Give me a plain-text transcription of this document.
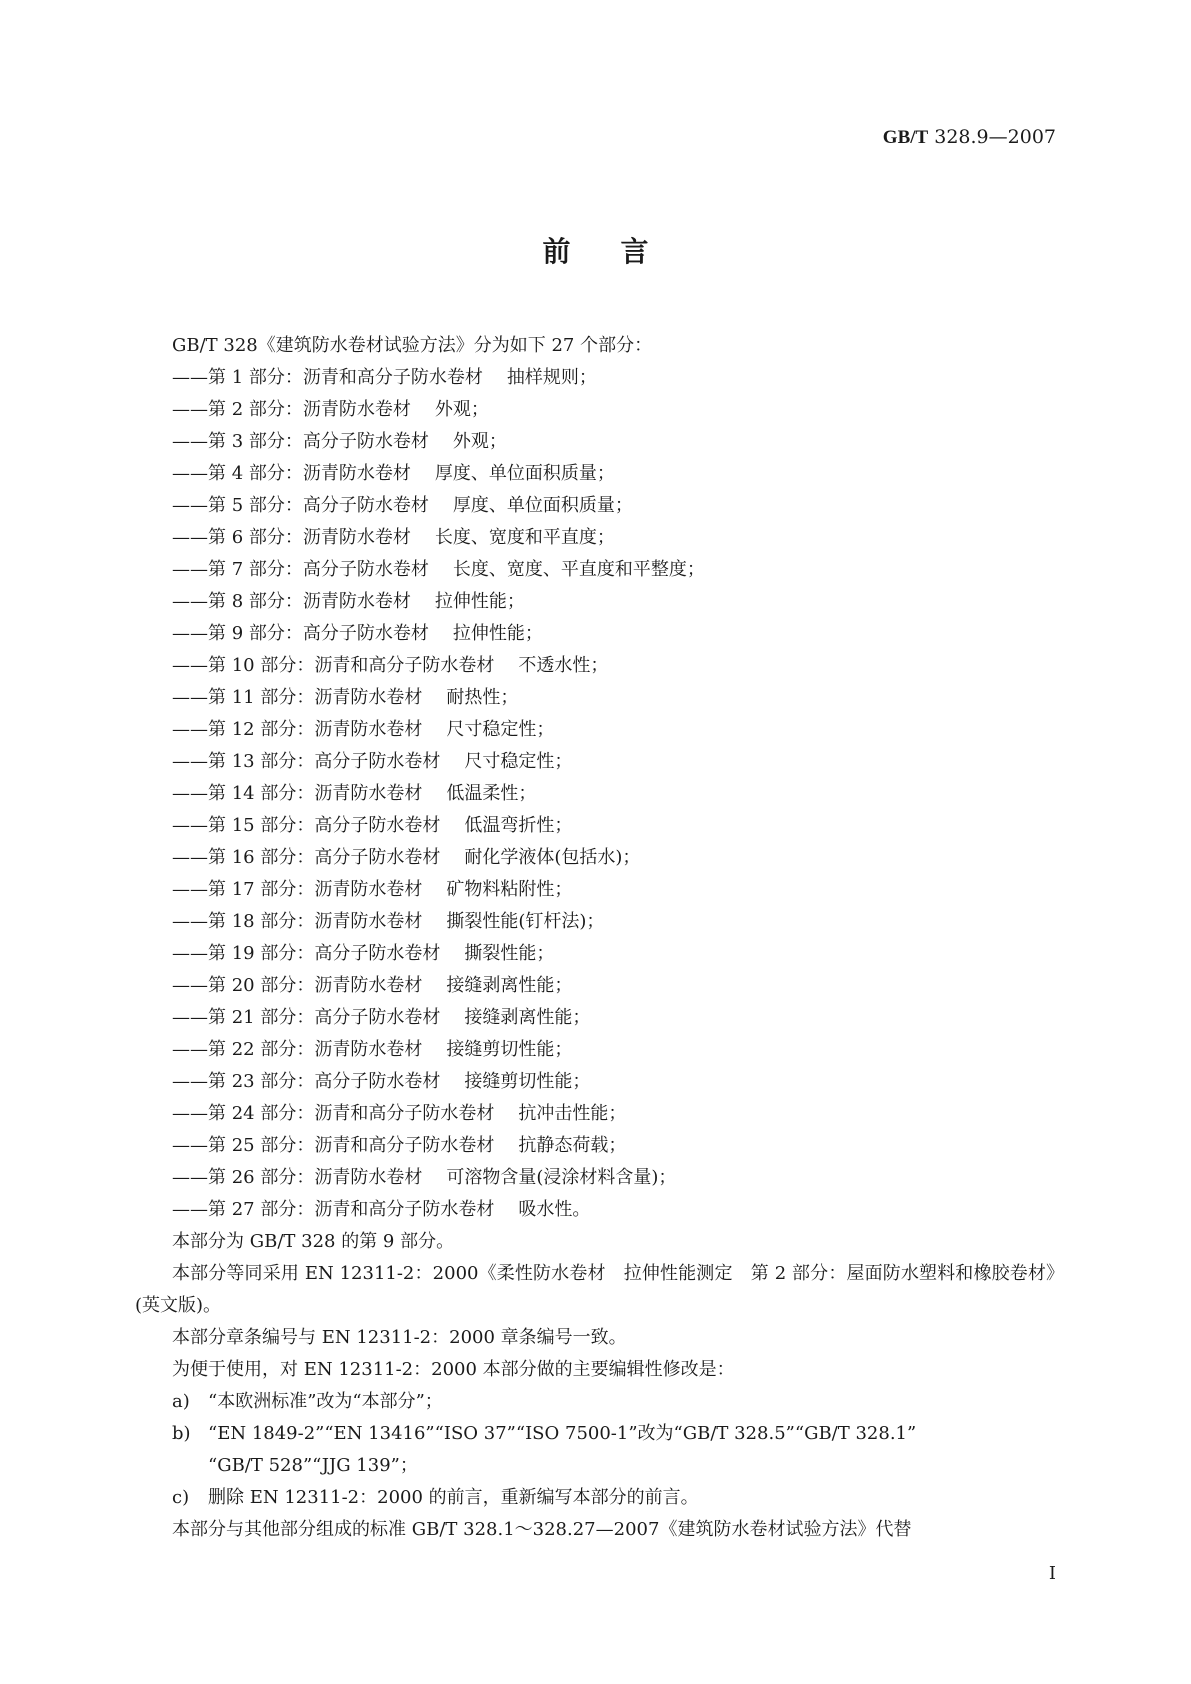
GB/T 328.9—2007
前言
GB/T 328《建筑防水卷材试验方法》分为如下 27 个部分：
——第 1 部分：沥青和高分子防水卷材 抽样规则；
——第 2 部分：沥青防水卷材 外观；
——第 3 部分：高分子防水卷材 外观；
——第 4 部分：沥青防水卷材 厚度、单位面积质量；
——第 5 部分：高分子防水卷材 厚度、单位面积质量；
——第 6 部分：沥青防水卷材 长度、宽度和平直度；
——第 7 部分：高分子防水卷材 长度、宽度、平直度和平整度；
——第 8 部分：沥青防水卷材 拉伸性能；
——第 9 部分：高分子防水卷材 拉伸性能；
——第 10 部分：沥青和高分子防水卷材 不透水性；
——第 11 部分：沥青防水卷材 耐热性；
——第 12 部分：沥青防水卷材 尺寸稳定性；
——第 13 部分：高分子防水卷材 尺寸稳定性；
——第 14 部分：沥青防水卷材 低温柔性；
——第 15 部分：高分子防水卷材 低温弯折性；
——第 16 部分：高分子防水卷材 耐化学液体(包括水)；
——第 17 部分：沥青防水卷材 矿物料粘附性；
——第 18 部分：沥青防水卷材 撕裂性能(钉杆法)；
——第 19 部分：高分子防水卷材 撕裂性能；
——第 20 部分：沥青防水卷材 接缝剥离性能；
——第 21 部分：高分子防水卷材 接缝剥离性能；
——第 22 部分：沥青防水卷材 接缝剪切性能；
——第 23 部分：高分子防水卷材 接缝剪切性能；
——第 24 部分：沥青和高分子防水卷材 抗冲击性能；
——第 25 部分：沥青和高分子防水卷材 抗静态荷载；
——第 26 部分：沥青防水卷材 可溶物含量(浸涂材料含量)；
——第 27 部分：沥青和高分子防水卷材 吸水性。
本部分为 GB/T 328 的第 9 部分。
本部分等同采用 EN 12311-2：2000《柔性防水卷材　拉伸性能测定　第 2 部分：屋面防水塑料和橡胶卷材》(英文版)。
本部分章条编号与 EN 12311-2：2000 章条编号一致。
为便于使用，对 EN 12311-2：2000 本部分做的主要编辑性修改是：
a) “本欧洲标准”改为“本部分”；
b) “EN 1849-2”“EN 13416”“ISO 37”“ISO 7500-1”改为“GB/T 328.5”“GB/T 328.1”
“GB/T 528”“JJG 139”；
c) 删除 EN 12311-2：2000 的前言，重新编写本部分的前言。
本部分与其他部分组成的标准 GB/T 328.1～328.27—2007《建筑防水卷材试验方法》代替
I
